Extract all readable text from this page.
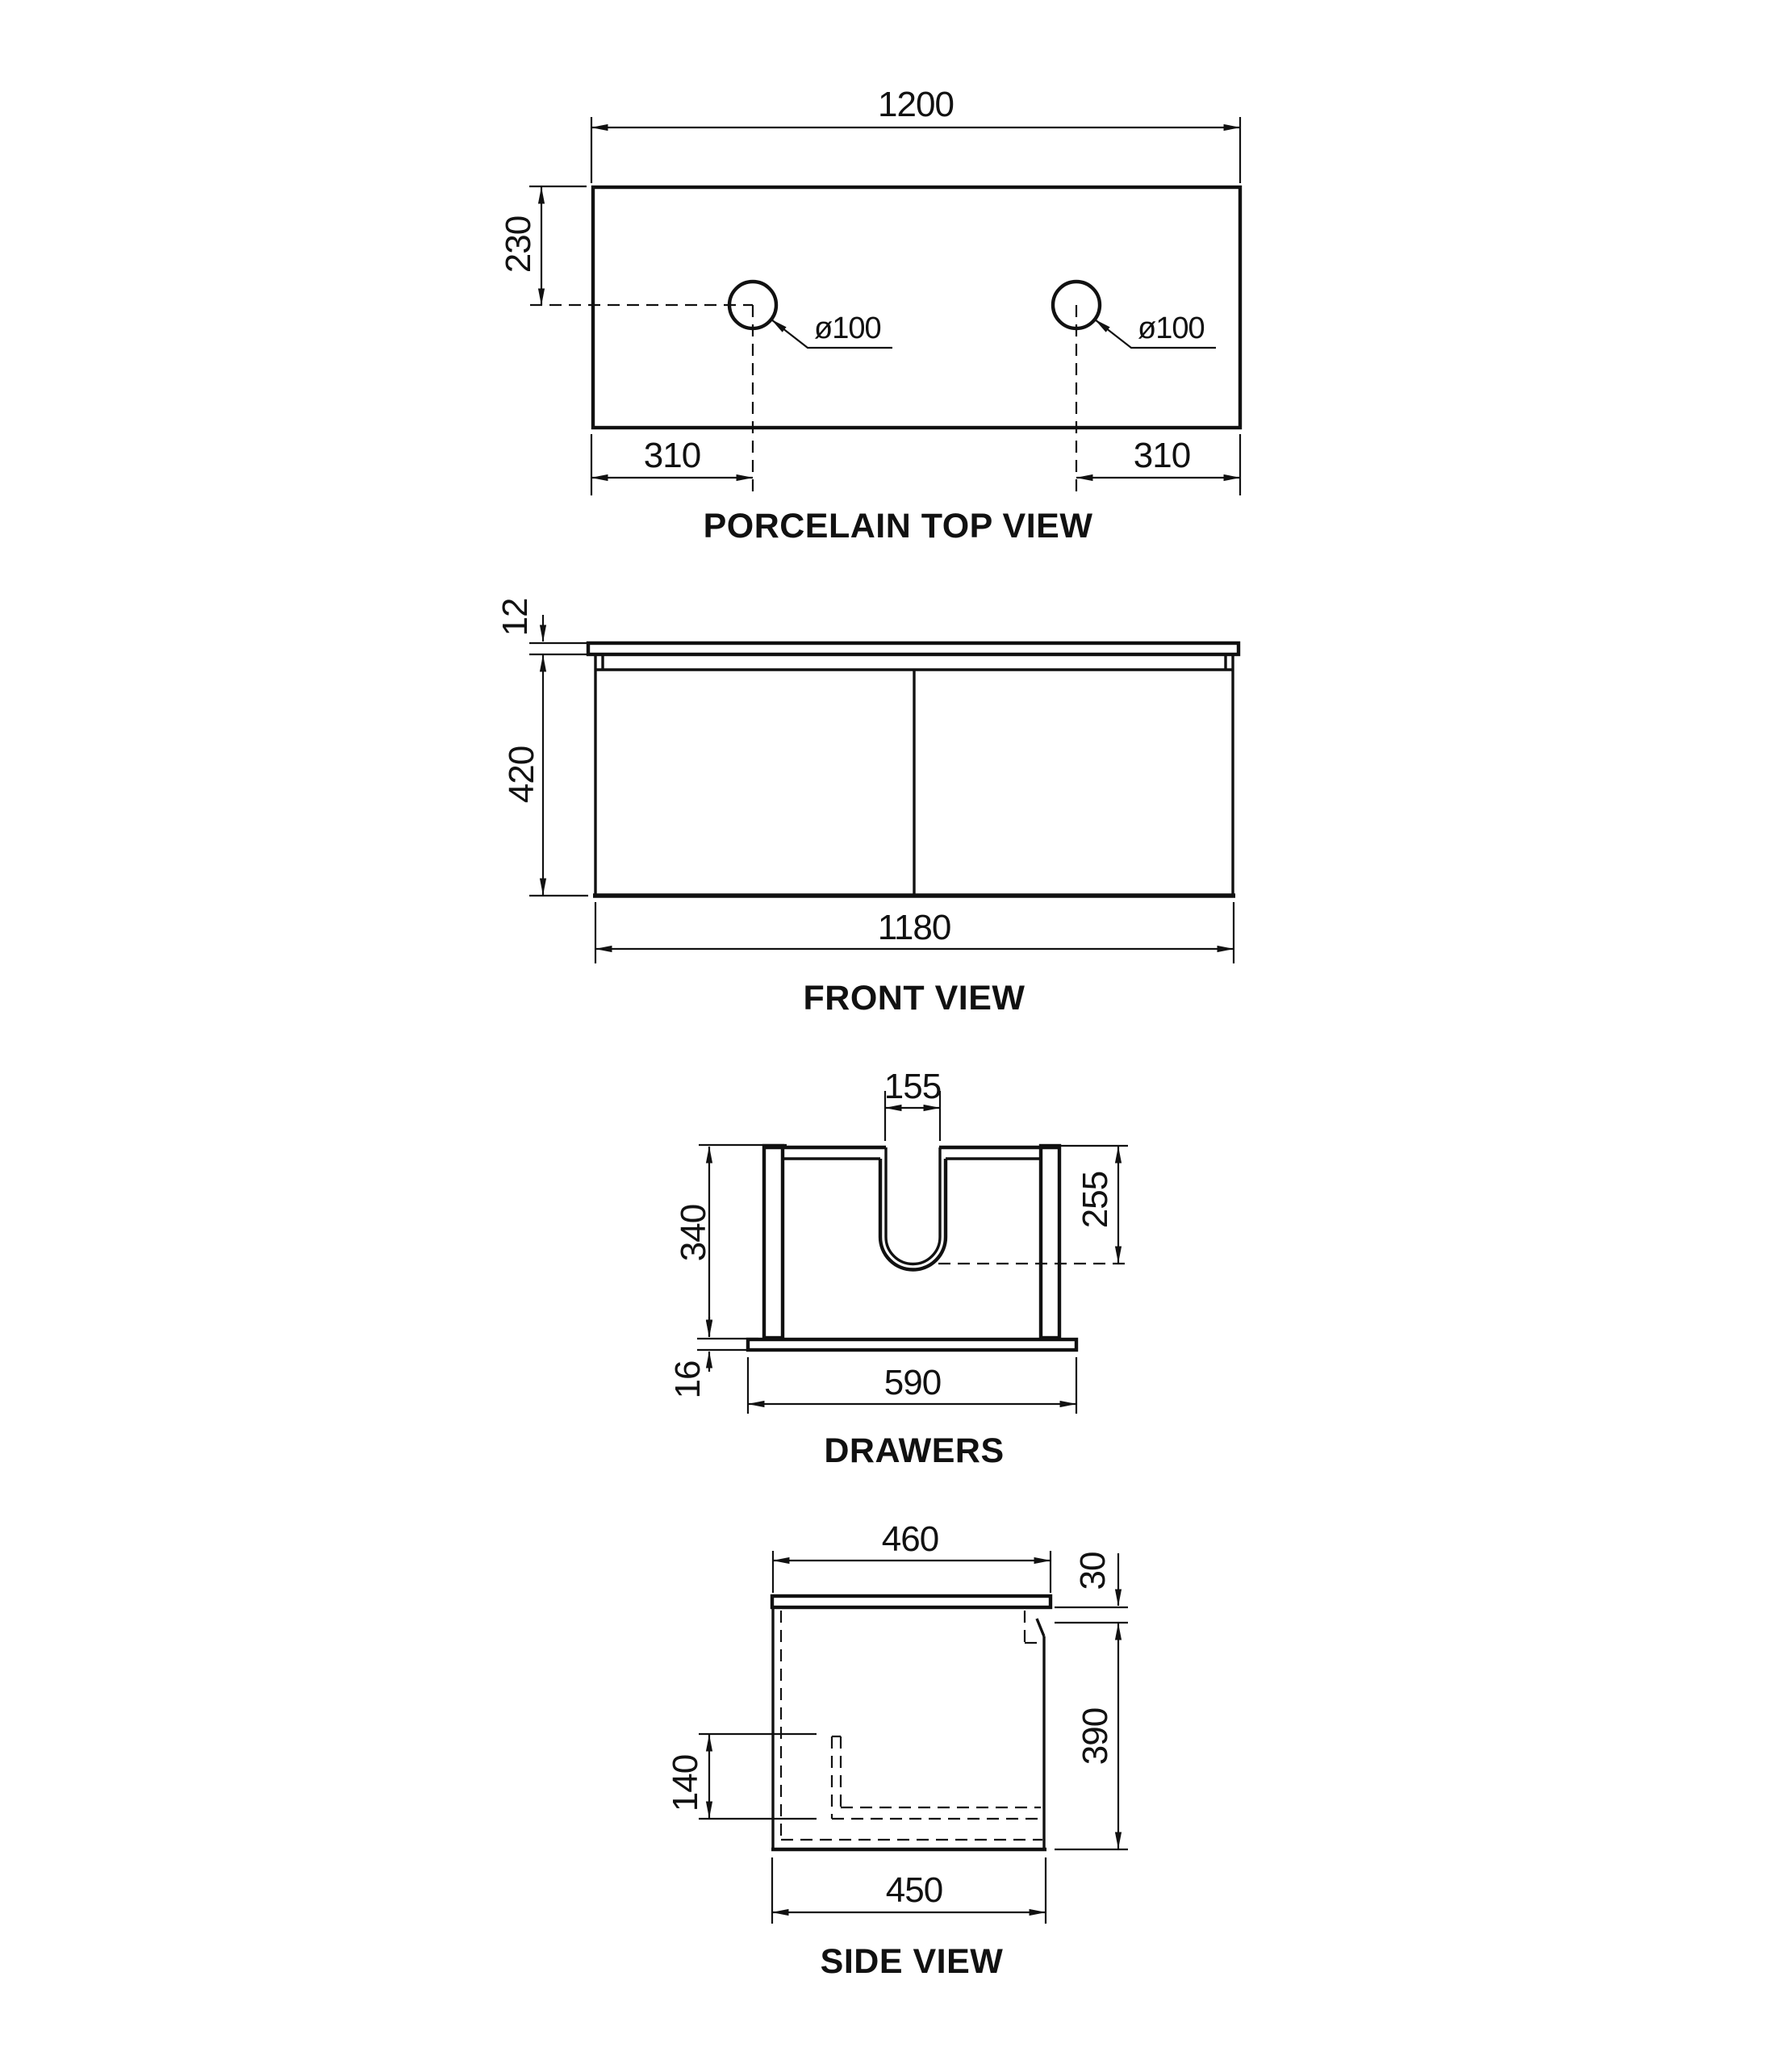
1200
230
ø100	ø100
310	310
PORCELAIN TOP VIEW
12
420
1180
FRONT VIEW
155
340
16	590
255
DRAWERS
460
30
390
140
450
SIDE VIEW
